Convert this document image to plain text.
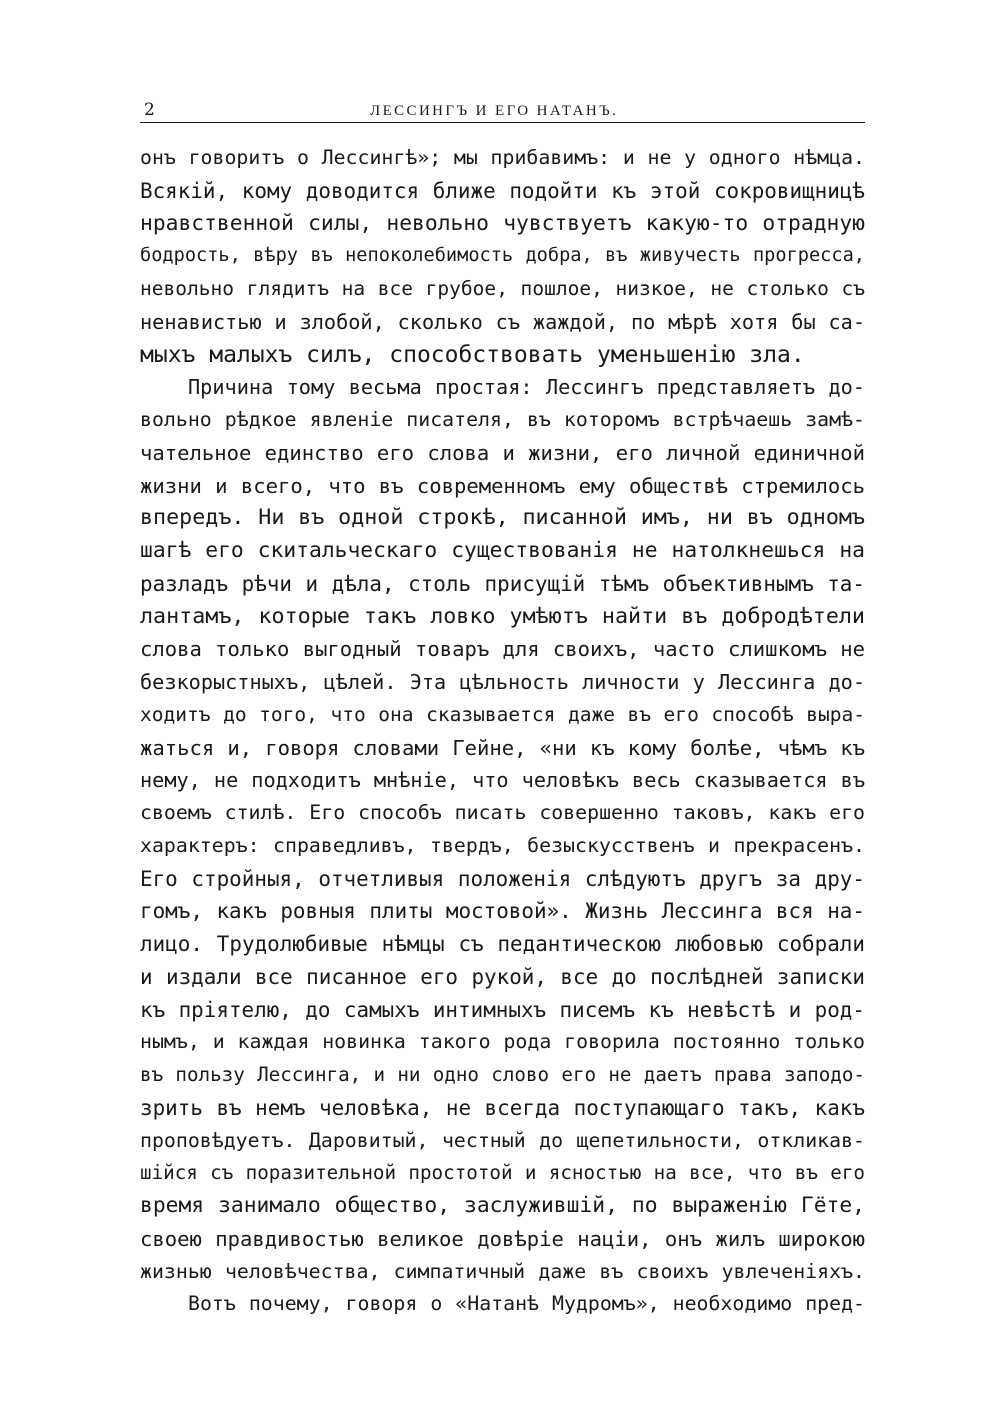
2	ЛЕССИНГЪ И ЕГО НАТАНЪ.
онъ говоритъ о Лессингѣ»; мы прибавимъ: и не у одного нѣмца.
Всякій, кому доводится ближе подойти къ этой сокровищницѣ
нравственной силы, невольно чувствуетъ какую-то отрадную
бодрость, вѣру въ непоколебимость добра, въ живучесть прогресса,
невольно глядитъ на все грубое, пошлое, низкое, не столько съ
ненавистью и злобой, сколько съ жаждой, по мѣрѣ хотя бы са-
мыхъ малыхъ силъ, способствовать уменьшенію зла.
Причина тому весьма простая: Лессингъ представляетъ до-
вольно рѣдкое явленіе писателя, въ которомъ встрѣчаешь замѣ-
чательное единство его слова и жизни, его личной единичной
жизни и всего, что въ современномъ ему обществѣ стремилось
впередъ. Ни въ одной строкѣ, писанной имъ, ни въ одномъ
шагѣ его скитальческаго существованія не натолкнешься на
разладъ рѣчи и дѣла, столь присущій тѣмъ объективнымъ та-
лантамъ, которые такъ ловко умѣютъ найти въ добродѣтели
слова только выгодный товаръ для своихъ, часто слишкомъ не
безкорыстныхъ, цѣлей. Эта цѣльность личности у Лессинга до-
ходитъ до того, что она сказывается даже въ его способѣ выра-
жаться и, говоря словами Гейне, «ни къ кому болѣе, чѣмъ къ
нему, не подходитъ мнѣніе, что человѣкъ весь сказывается въ
своемъ стилѣ. Его способъ писать совершенно таковъ, какъ его
характеръ: справедливъ, твердъ, безыскусственъ и прекрасенъ.
Его стройныя, отчетливыя положенія слѣдуютъ другъ за дру-
гомъ, какъ ровныя плиты мостовой». Жизнь Лессинга вся на-
лицо. Трудолюбивые нѣмцы съ педантическою любовью собрали
и издали все писанное его рукой, все до послѣдней записки
къ пріятелю, до самыхъ интимныхъ писемъ къ невѣстѣ и род-
нымъ, и каждая новинка такого рода говорила постоянно только
въ пользу Лессинга, и ни одно слово его не даетъ права заподо-
зрить въ немъ человѣка, не всегда поступающаго такъ, какъ
проповѣдуетъ. Даровитый, честный до щепетильности, откликав-
шійся съ поразительной простотой и ясностью на все, что въ его
время занимало общество, заслужившій, по выраженію Гёте,
своею правдивостью великое довѣріе націи, онъ жилъ широкою
жизнью человѣчества, симпатичный даже въ своихъ увлеченіяхъ.
Вотъ почему, говоря о «Натанѣ Мудромъ», необходимо пред-
